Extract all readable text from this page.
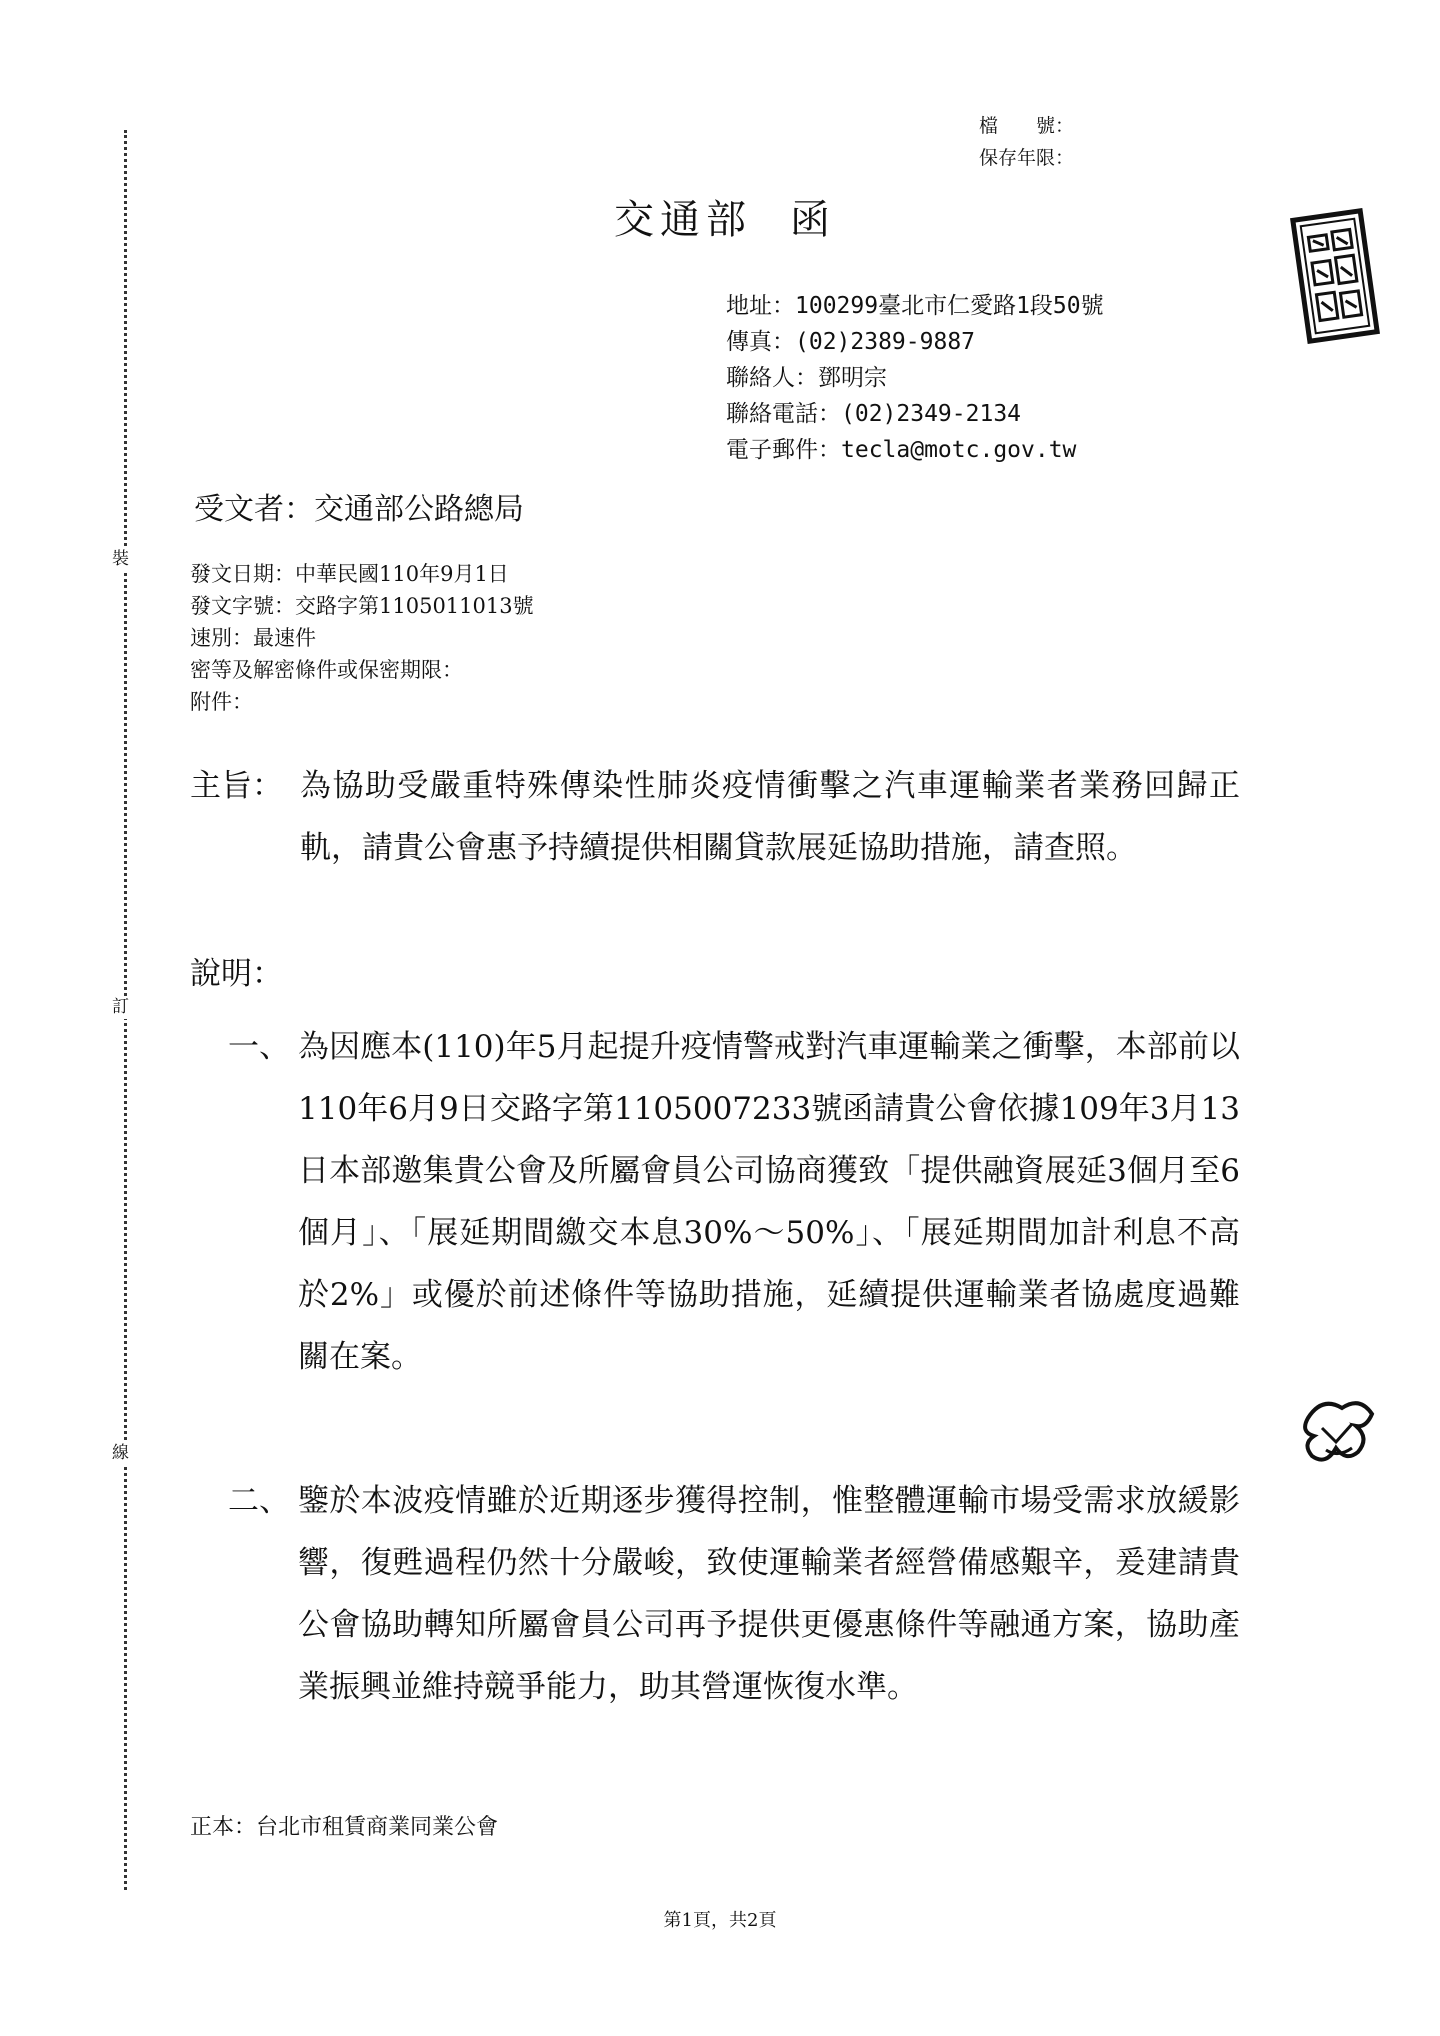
裝
訂
線
檔　　號：
保存年限：
交通部 函
地址：100299臺北市仁愛路1段50號
傳真：(02)2389-9887
聯絡人：鄧明宗
聯絡電話：(02)2349-2134
電子郵件：tecla@motc.gov.tw
受文者：交通部公路總局
發文日期：中華民國110年9月1日
發文字號：交路字第1105011013號
速別：最速件
密等及解密條件或保密期限：
附件：
主旨： 為協助受嚴重特殊傳染性肺炎疫情衝擊之汽車運輸業者業務回歸正軌，請貴公會惠予持續提供相關貸款展延協助措施，請查照。
說明：
一、 為因應本(110)年5月起提升疫情警戒對汽車運輸業之衝擊，本部前以110年6月9日交路字第1105007233號函請貴公會依據109年3月13日本部邀集貴公會及所屬會員公司協商獲致「提供融資展延3個月至6個月」、「展延期間繳交本息30%～50%」、「展延期間加計利息不高於2%」或優於前述條件等協助措施，延續提供運輸業者協處度過難關在案。
二、 鑒於本波疫情雖於近期逐步獲得控制，惟整體運輸市場受需求放緩影響，復甦過程仍然十分嚴峻，致使運輸業者經營備感艱辛，爰建請貴公會協助轉知所屬會員公司再予提供更優惠條件等融通方案，協助產業振興並維持競爭能力，助其營運恢復水準。
正本：台北市租賃商業同業公會
第1頁，共2頁
